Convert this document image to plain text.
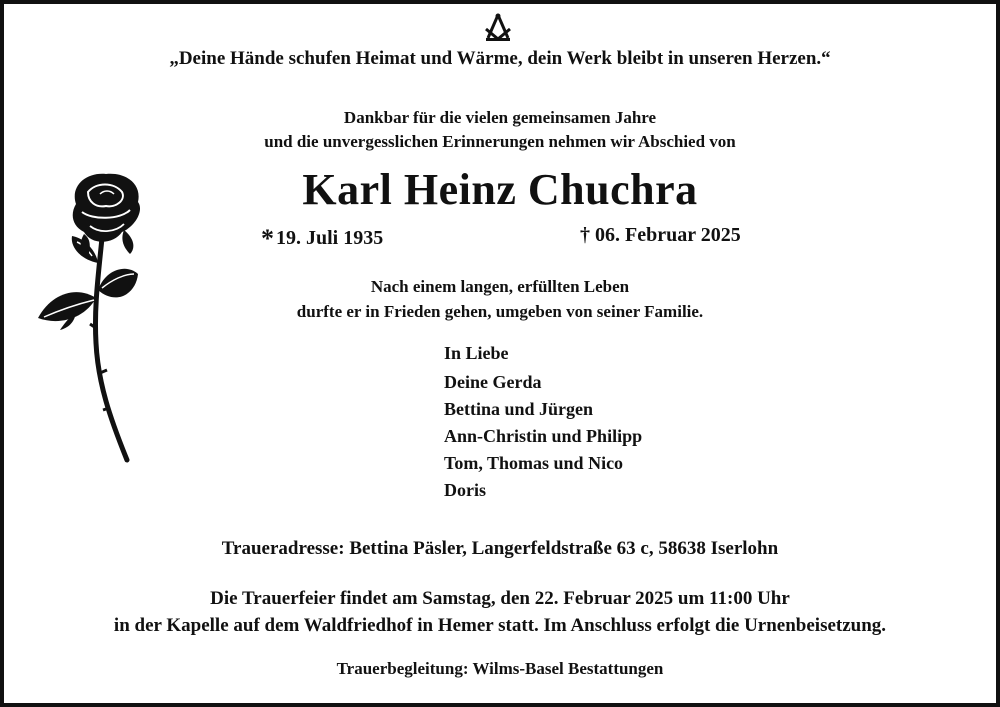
„Deine Hände schufen Heimat und Wärme, dein Werk bleibt in unseren Herzen.“
Dankbar für die vielen gemeinsamen Jahre
und die unvergesslichen Erinnerungen nehmen wir Abschied von
Karl Heinz Chuchra
* 19. Juli 1935	† 06. Februar 2025
Nach einem langen, erfüllten Leben
durfte er in Frieden gehen, umgeben von seiner Familie.
In Liebe
Deine Gerda
Bettina und Jürgen
Ann-Christin und Philipp
Tom, Thomas und Nico
Doris
Traueradresse: Bettina Päsler, Langerfeldstraße 63 c, 58638 Iserlohn
Die Trauerfeier findet am Samstag, den 22. Februar 2025 um 11:00 Uhr
in der Kapelle auf dem Waldfriedhof in Hemer statt. Im Anschluss erfolgt die Urnenbeisetzung.
Trauerbegleitung: Wilms-Basel Bestattungen
